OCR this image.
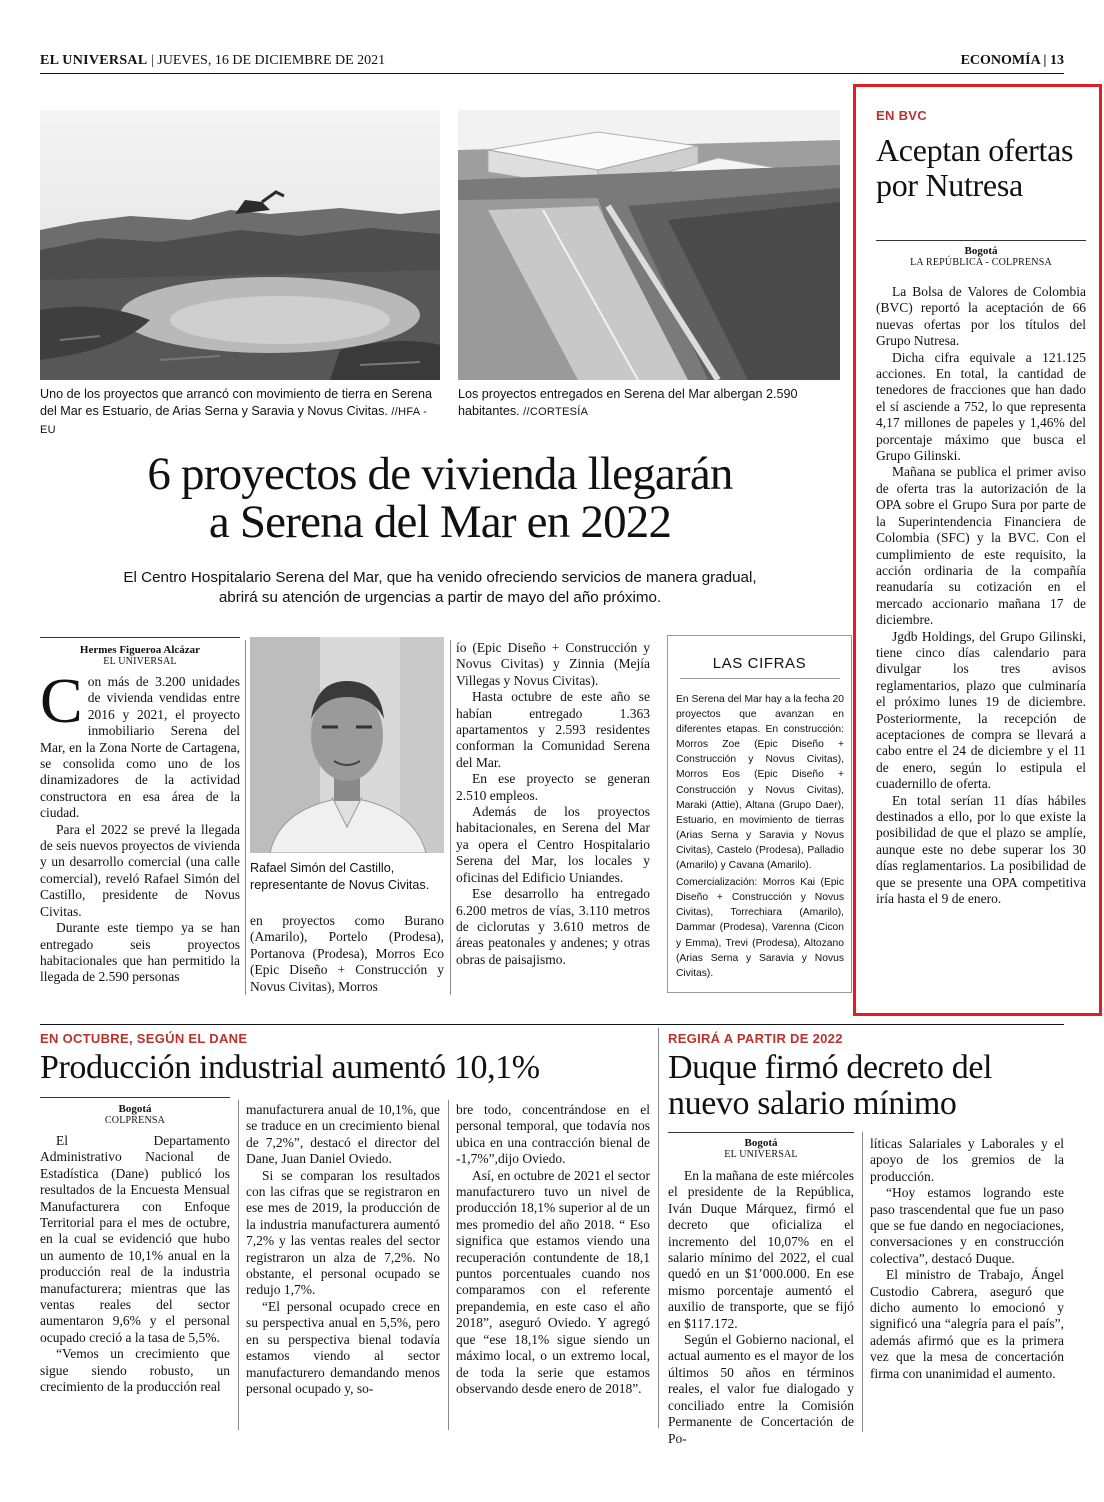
EL UNIVERSAL | JUEVES, 16 DE DICIEMBRE DE 2021	ECONOMÍA | 13
Uno de los proyectos que arrancó con movimiento de tierra en Serena del Mar es Estuario, de Arias Serna y Saravia y Novus Civitas. //HFA - EU
Los proyectos entregados en Serena del Mar albergan 2.590 habitantes. //CORTESÍA
6 proyectos de vivienda llegarán
a Serena del Mar en 2022
El Centro Hospitalario Serena del Mar, que ha venido ofreciendo servicios de manera gradual,
abrirá su atención de urgencias a partir de mayo del año próximo.
Hermes Figueroa Alcázar
EL UNIVERSAL

Con más de 3.200 unidades de vivienda vendidas entre 2016 y 2021, el proyecto inmobiliario Serena del Mar, en la Zona Norte de Cartagena, se consolida como uno de los dinamizadores de la actividad constructora en esa área de la ciudad.

Para el 2022 se prevé la llegada de seis nuevos proyectos de vivienda y un desarrollo comercial (una calle comercial), reveló Rafael Simón del Castillo, presidente de Novus Civitas.

Durante este tiempo ya se han entregado seis proyectos habitacionales que han permitido la llegada de 2.590 personas

Rafael Simón del Castillo, representante de Novus Civitas.

en proyectos como Burano (Amarilo), Portelo (Prodesa), Portanova (Prodesa), Morros Eco (Epic Diseño + Construcción y Novus Civitas), Morros

ío (Epic Diseño + Construcción y Novus Civitas) y Zinnia (Mejía Villegas y Novus Civitas).

Hasta octubre de este año se habían entregado 1.363 apartamentos y 2.593 residentes conforman la Comunidad Serena del Mar.

En ese proyecto se generan 2.510 empleos.

Además de los proyectos habitacionales, en Serena del Mar ya opera el Centro Hospitalario Serena del Mar, los locales y oficinas del Edificio Uniandes.

Ese desarrollo ha entregado 6.200 metros de vías, 3.110 metros de ciclorutas y 3.610 metros de áreas peatonales y andenes; y otras obras de paisajismo.

LAS CIFRAS

En Serena del Mar hay a la fecha 20 proyectos que avanzan en diferentes etapas. En construcción: Morros Zoe (Epic Diseño + Construcción y Novus Civitas), Morros Eos (Epic Diseño + Construcción y Novus Civitas), Maraki (Attie), Altana (Grupo Daer), Estuario, en movimiento de tierras (Arias Serna y Saravia y Novus Civitas), Castelo (Prodesa), Palladio (Amarilo) y Cavana (Amarilo).

Comercialización: Morros Kai (Epic Diseño + Construcción y Novus Civitas), Torrechiara (Amarilo), Dammar (Prodesa), Varenna (Cicon y Emma), Trevi (Prodesa), Altozano (Arias Serna y Saravia y Novus Civitas).

EN BVC
Aceptan ofertas por Nutresa
Bogotá
LA REPÚBLICA - COLPRENSA

La Bolsa de Valores de Colombia (BVC) reportó la aceptación de 66 nuevas ofertas por los títulos del Grupo Nutresa.

Dicha cifra equivale a 121.125 acciones. En total, la cantidad de tenedores de fracciones que han dado el sí asciende a 752, lo que representa 4,17 millones de papeles y 1,46% del porcentaje máximo que busca el Grupo Gilinski.

Mañana se publica el primer aviso de oferta tras la autorización de la OPA sobre el Grupo Sura por parte de la Superintendencia Financiera de Colombia (SFC) y la BVC. Con el cumplimiento de este requisito, la acción ordinaria de la compañía reanudaría su cotización en el mercado accionario mañana 17 de diciembre.

Jgdb Holdings, del Grupo Gilinski, tiene cinco días calendario para divulgar los tres avisos reglamentarios, plazo que culminaría el próximo lunes 19 de diciembre. Posteriormente, la recepción de aceptaciones de compra se llevará a cabo entre el 24 de diciembre y el 11 de enero, según lo estipula el cuadernillo de oferta.

En total serían 11 días hábiles destinados a ello, por lo que existe la posibilidad de que el plazo se amplíe, aunque este no debe superar los 30 días reglamentarios. La posibilidad de que se presente una OPA competitiva iría hasta el 9 de enero.

EN OCTUBRE, SEGÚN EL DANE
Producción industrial aumentó 10,1%
Bogotá
COLPRENSA

El Departamento Administrativo Nacional de Estadística (Dane) publicó los resultados de la Encuesta Mensual Manufacturera con Enfoque Territorial para el mes de octubre, en la cual se evidenció que hubo un aumento de 10,1% anual en la producción real de la industria manufacturera; mientras que las ventas reales del sector aumentaron 9,6% y el personal ocupado creció a la tasa de 5,5%.

“Vemos un crecimiento que sigue siendo robusto, un crecimiento de la producción real

manufacturera anual de 10,1%, que se traduce en un crecimiento bienal de 7,2%”, destacó el director del Dane, Juan Daniel Oviedo.

Si se comparan los resultados con las cifras que se registraron en ese mes de 2019, la producción de la industria manufacturera aumentó 7,2% y las ventas reales del sector registraron un alza de 7,2%. No obstante, el personal ocupado se redujo 1,7%.

“El personal ocupado crece en su perspectiva anual en 5,5%, pero en su perspectiva bienal todavía estamos viendo al sector manufacturero demandando menos personal ocupado y, so-

bre todo, concentrándose en el personal temporal, que todavía nos ubica en una contracción bienal de -1,7%”,dijo Oviedo.

Así, en octubre de 2021 el sector manufacturero tuvo un nivel de producción 18,1% superior al de un mes promedio del año 2018. “ Eso significa que estamos viendo una recuperación contundente de 18,1 puntos porcentuales cuando nos comparamos con el referente prepandemia, en este caso el año 2018”, aseguró Oviedo. Y agregó que “ese 18,1% sigue siendo un máximo local, o un extremo local, de toda la serie que estamos observando desde enero de 2018”.

REGIRÁ A PARTIR DE 2022
Duque firmó decreto del
nuevo salario mínimo
Bogotá
EL UNIVERSAL

En la mañana de este miércoles el presidente de la República, Iván Duque Márquez, firmó el decreto que oficializa el incremento del 10,07% en el salario mínimo del 2022, el cual quedó en un $1’000.000. En ese mismo porcentaje aumentó el auxilio de transporte, que se fijó en $117.172.

Según el Gobierno nacional, el actual aumento es el mayor de los últimos 50 años en términos reales, el valor fue dialogado y conciliado entre la Comisión Permanente de Concertación de Po-

líticas Salariales y Laborales y el apoyo de los gremios de la producción.

“Hoy estamos logrando este paso trascendental que fue un paso que se fue dando en negociaciones, conversaciones y en construcción colectiva”, destacó Duque.

El ministro de Trabajo, Ángel Custodio Cabrera, aseguró que dicho aumento lo emocionó y significó una “alegría para el país”, además afirmó que es la primera vez que la mesa de concertación firma con unanimidad el aumento.
